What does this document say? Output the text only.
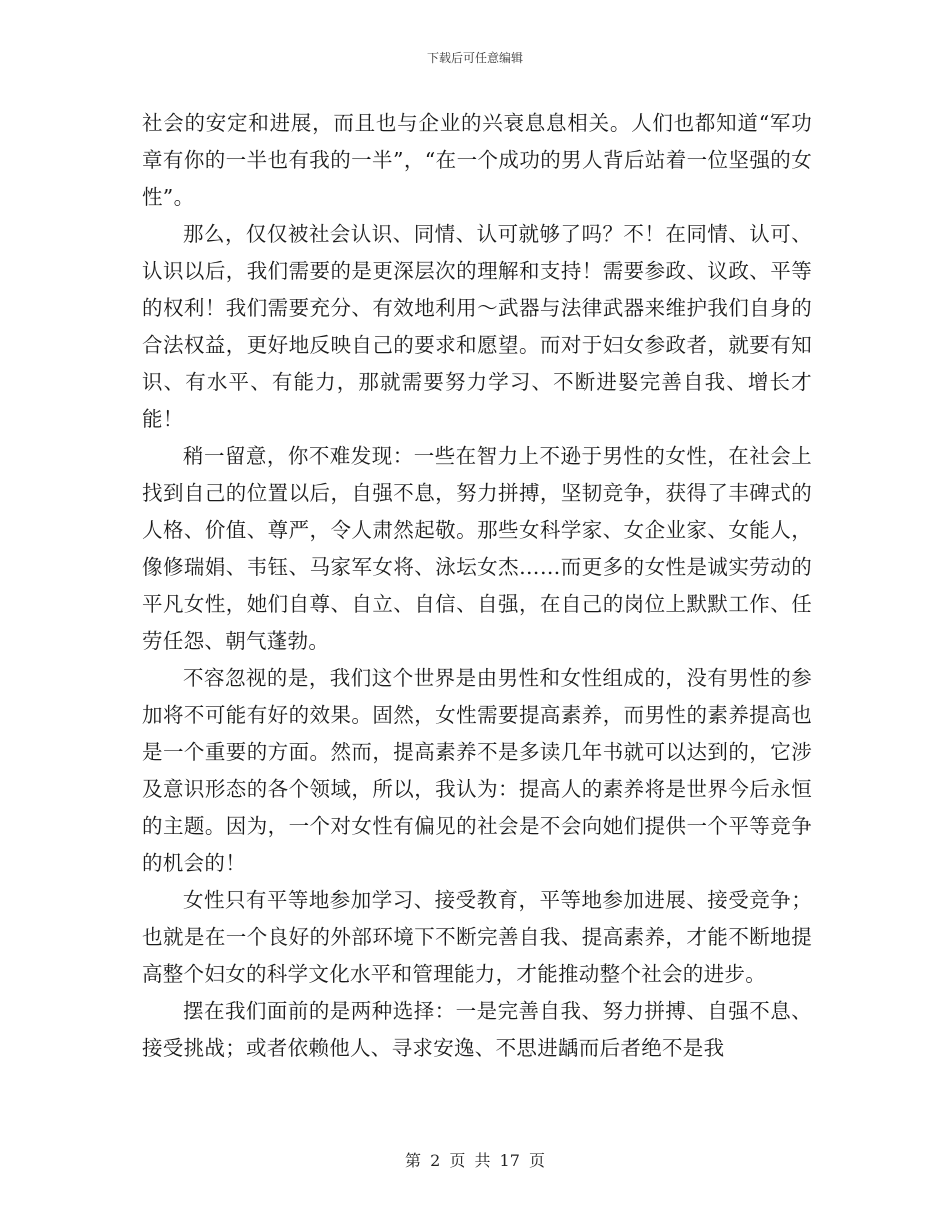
下载后可任意编辑

社会的安定和进展，而且也与企业的兴衰息息相关。人们也都知道“军功章有你的一半也有我的一半”，“在一个成功的男人背后站着一位坚强的女性”。

那么，仅仅被社会认识、同情、认可就够了吗？不！在同情、认可、认识以后，我们需要的是更深层次的理解和支持！需要参政、议政、平等的权利！我们需要充分、有效地利用～武器与法律武器来维护我们自身的合法权益，更好地反映自己的要求和愿望。而对于妇女参政者，就要有知识、有水平、有能力，那就需要努力学习、不断进婜完善自我、增长才能！

稍一留意，你不难发现：一些在智力上不逊于男性的女性，在社会上找到自己的位置以后，自强不息，努力拼搏，坚韧竞争，获得了丰碑式的人格、价值、尊严，令人肃然起敬。那些女科学家、女企业家、女能人，像修瑞娟、韦钰、马家军女将、泳坛女杰……而更多的女性是诚实劳动的平凡女性，她们自尊、自立、自信、自强，在自己的岗位上默默工作、任劳任怨、朝气蓬勃。

不容忽视的是，我们这个世界是由男性和女性组成的，没有男性的参加将不可能有好的效果。固然，女性需要提高素养，而男性的素养提高也是一个重要的方面。然而，提高素养不是多读几年书就可以达到的，它涉及意识形态的各个领域，所以，我认为：提高人的素养将是世界今后永恒的主题。因为，一个对女性有偏见的社会是不会向她们提供一个平等竞争的机会的！

女性只有平等地参加学习、接受教育，平等地参加进展、接受竞争；也就是在一个良好的外部环境下不断完善自我、提高素养，才能不断地提高整个妇女的科学文化水平和管理能力，才能推动整个社会的进步。

摆在我们面前的是两种选择：一是完善自我、努力拼搏、自强不息、接受挑战；或者依赖他人、寻求安逸、不思进龋而后者绝不是我

第 2 页 共 17 页
